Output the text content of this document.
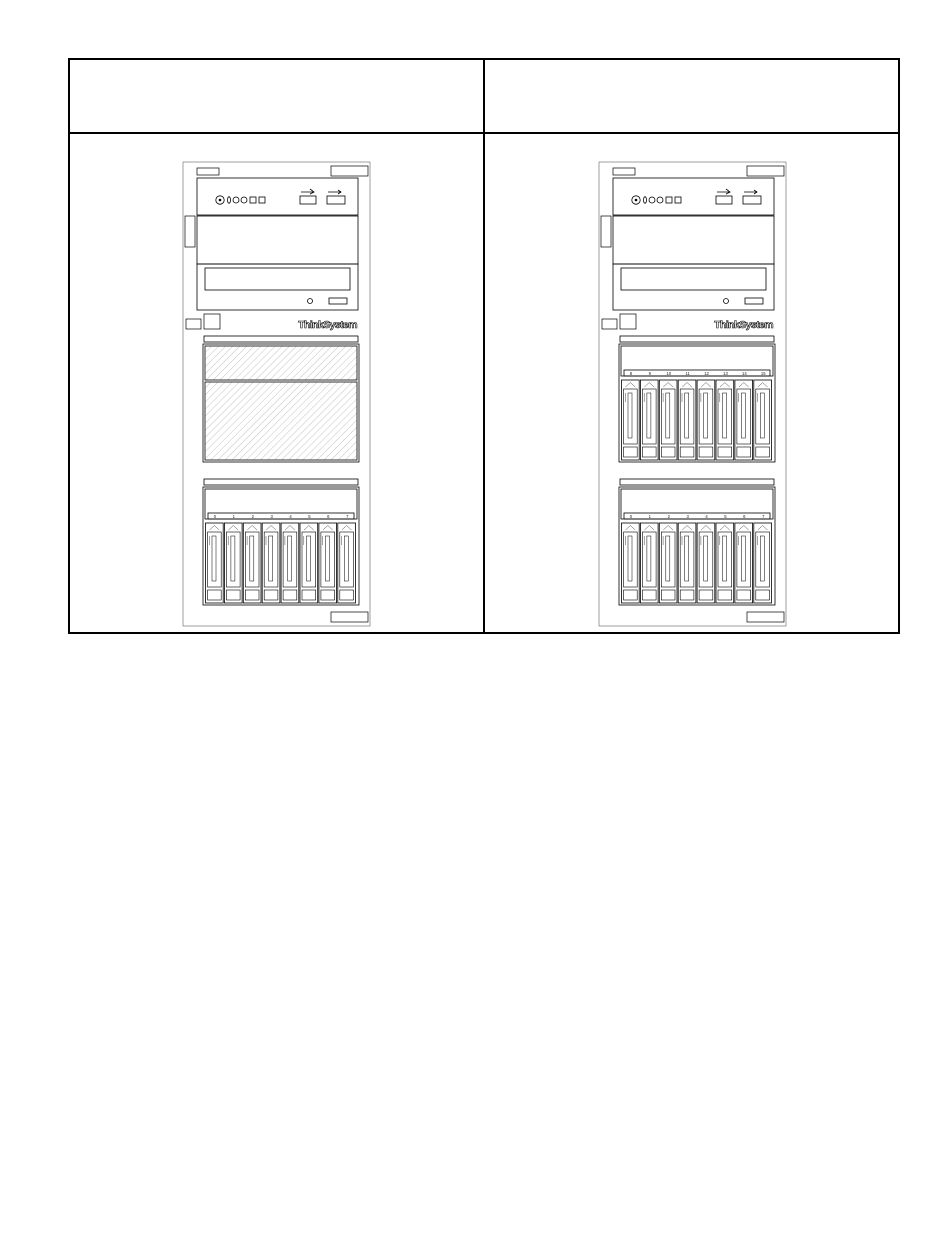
ThinkSystem
0	1	2	3	4	5	6	7
ThinkSystem
8	9	10	11	12	13	14	15
0	1	2	3	4	5	6	7
